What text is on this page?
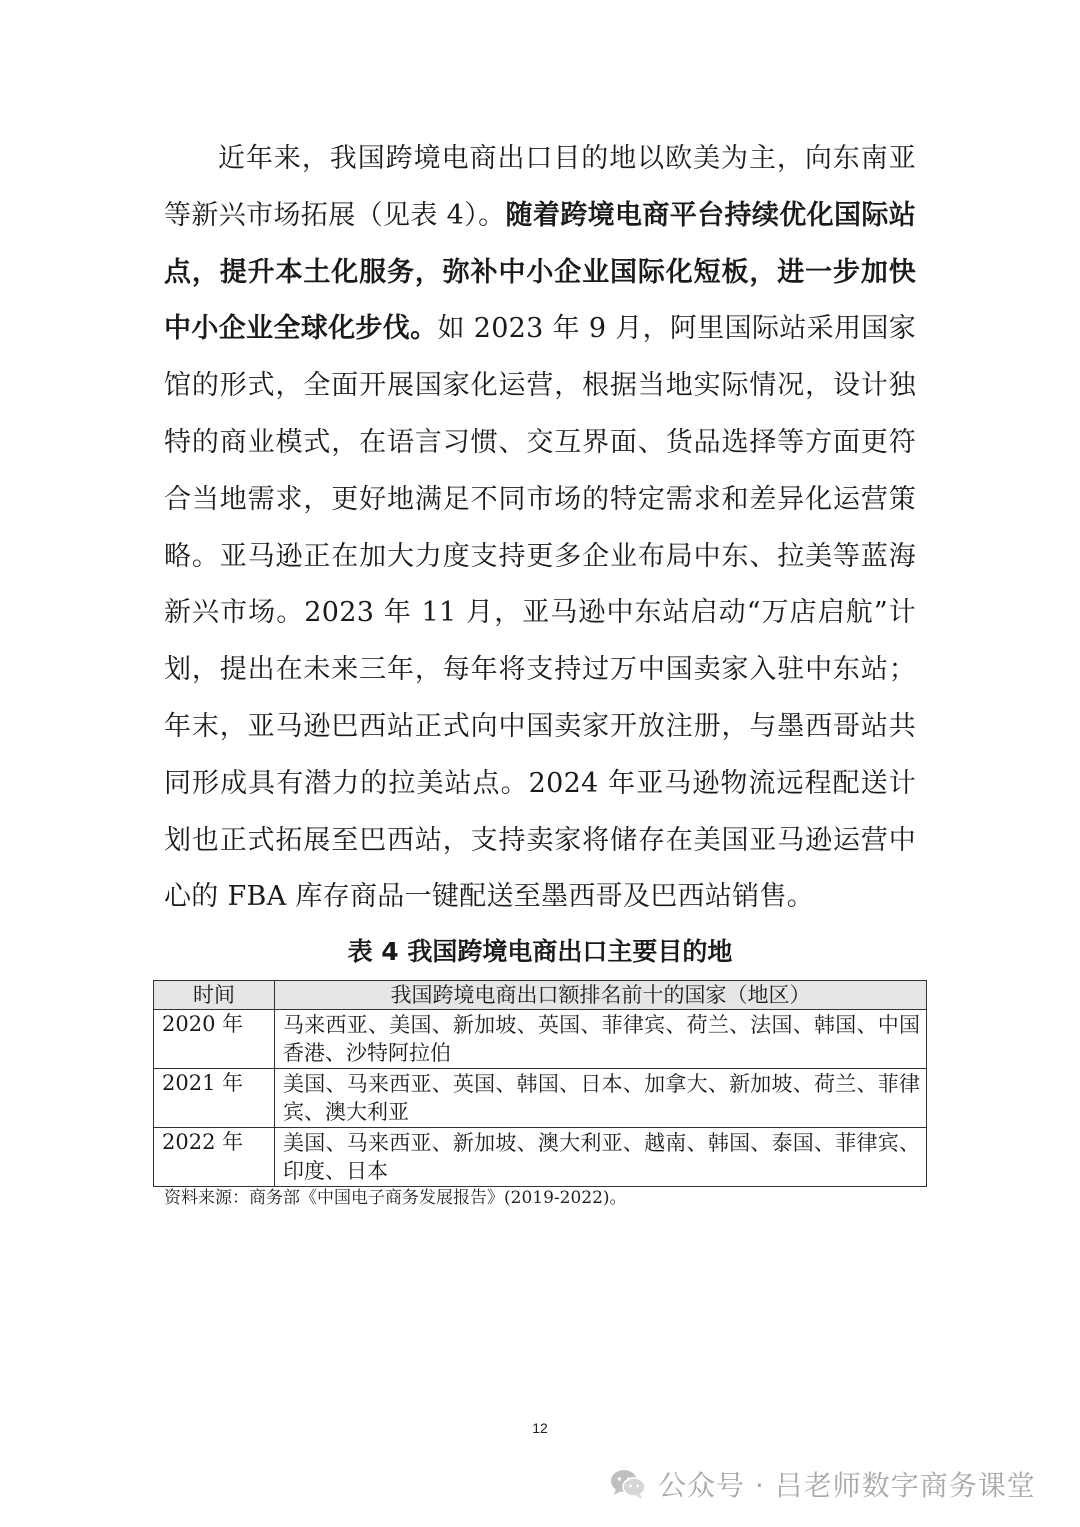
近年来，我国跨境电商出口目的地以欧美为主，向东南亚等新兴市场拓展（见表 4）。随着跨境电商平台持续优化国际站点，提升本土化服务，弥补中小企业国际化短板，进一步加快中小企业全球化步伐。如 2023 年 9 月，阿里国际站采用国家馆的形式，全面开展国家化运营，根据当地实际情况，设计独特的商业模式，在语言习惯、交互界面、货品选择等方面更符合当地需求，更好地满足不同市场的特定需求和差异化运营策略。亚马逊正在加大力度支持更多企业布局中东、拉美等蓝海新兴市场。2023 年 11 月，亚马逊中东站启动“万店启航”计划，提出在未来三年，每年将支持过万中国卖家入驻中东站；年末，亚马逊巴西站正式向中国卖家开放注册，与墨西哥站共同形成具有潜力的拉美站点。2024 年亚马逊物流远程配送计划也正式拓展至巴西站，支持卖家将储存在美国亚马逊运营中心的 FBA 库存商品一键配送至墨西哥及巴西站销售。

表 4 我国跨境电商出口主要目的地
时间	我国跨境电商出口额排名前十的国家（地区）
2020 年	马来西亚、美国、新加坡、英国、菲律宾、荷兰、法国、韩国、中国香港、沙特阿拉伯
2021 年	美国、马来西亚、英国、韩国、日本、加拿大、新加坡、荷兰、菲律宾、澳大利亚
2022 年	美国、马来西亚、新加坡、澳大利亚、越南、韩国、泰国、菲律宾、印度、日本
资料来源：商务部《中国电子商务发展报告》(2019-2022)。
12
公众号 · 吕老师数字商务课堂
